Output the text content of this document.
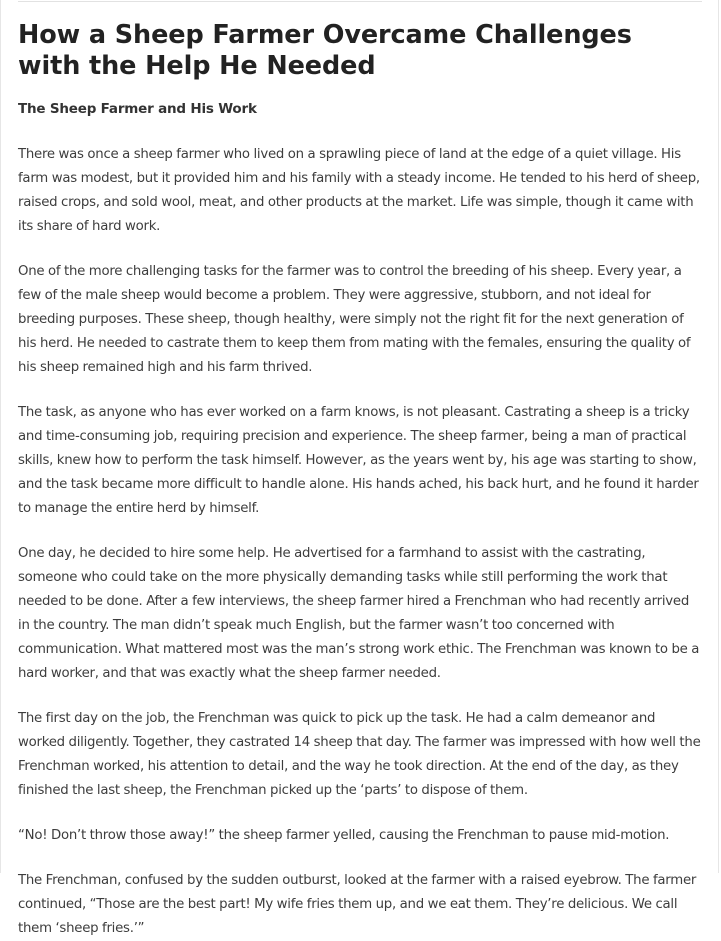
How a Sheep Farmer Overcame Challenges with the Help He Needed
The Sheep Farmer and His Work

There was once a sheep farmer who lived on a sprawling piece of land at the edge of a quiet village. His farm was modest, but it provided him and his family with a steady income. He tended to his herd of sheep, raised crops, and sold wool, meat, and other products at the market. Life was simple, though it came with its share of hard work.

One of the more challenging tasks for the farmer was to control the breeding of his sheep. Every year, a few of the male sheep would become a problem. They were aggressive, stubborn, and not ideal for breeding purposes. These sheep, though healthy, were simply not the right fit for the next generation of his herd. He needed to castrate them to keep them from mating with the females, ensuring the quality of his sheep remained high and his farm thrived.

The task, as anyone who has ever worked on a farm knows, is not pleasant. Castrating a sheep is a tricky and time-consuming job, requiring precision and experience. The sheep farmer, being a man of practical skills, knew how to perform the task himself. However, as the years went by, his age was starting to show, and the task became more difficult to handle alone. His hands ached, his back hurt, and he found it harder to manage the entire herd by himself.

One day, he decided to hire some help. He advertised for a farmhand to assist with the castrating, someone who could take on the more physically demanding tasks while still performing the work that needed to be done. After a few interviews, the sheep farmer hired a Frenchman who had recently arrived in the country. The man didn’t speak much English, but the farmer wasn’t too concerned with communication. What mattered most was the man’s strong work ethic. The Frenchman was known to be a hard worker, and that was exactly what the sheep farmer needed.

The first day on the job, the Frenchman was quick to pick up the task. He had a calm demeanor and worked diligently. Together, they castrated 14 sheep that day. The farmer was impressed with how well the Frenchman worked, his attention to detail, and the way he took direction. At the end of the day, as they finished the last sheep, the Frenchman picked up the ‘parts’ to dispose of them.

“No! Don’t throw those away!” the sheep farmer yelled, causing the Frenchman to pause mid-motion.

The Frenchman, confused by the sudden outburst, looked at the farmer with a raised eyebrow. The farmer continued, “Those are the best part! My wife fries them up, and we eat them. They’re delicious. We call them ‘sheep fries.’”
